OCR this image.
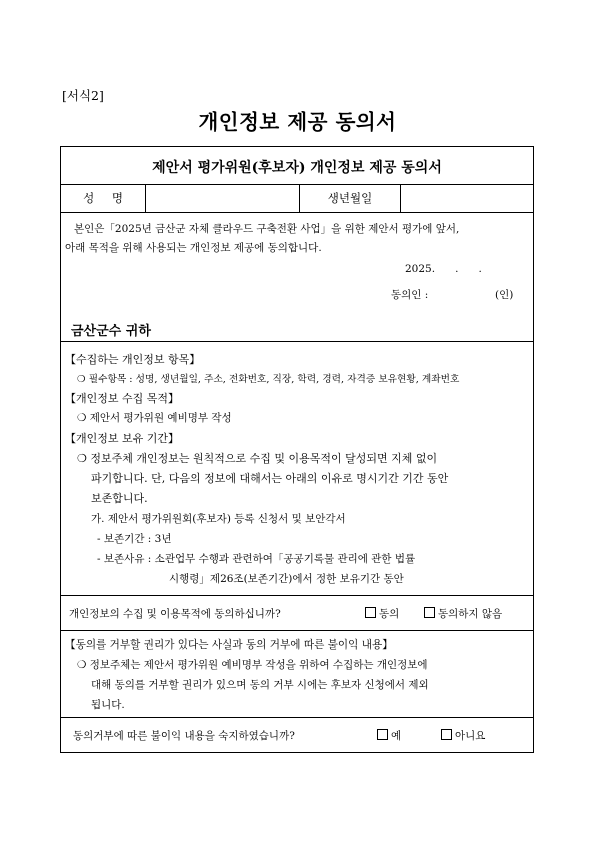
[서식2]
개인정보 제공 동의서
제안서 평가위원(후보자) 개인정보 제공 동의서
성 명	생년월일
본인은「2025년 금산군 자체 클라우드 구축전환 사업」을 위한 제안서 평가에 앞서,
아래 목적을 위해 사용되는 개인정보 제공에 동의합니다.
2025.      .      .
동의인 :	(인)
금산군수 귀하
【수집하는 개인정보 항목】
❍ 필수항목 : 성명, 생년월일, 주소, 전화번호, 직장, 학력, 경력, 자격증 보유현황, 계좌번호
【개인정보 수집 목적】
❍ 제안서 평가위원 예비명부 작성
【개인정보 보유 기간】
❍ 정보주체 개인정보는 원칙적으로 수집 및 이용목적이 달성되면 지체 없이
파기합니다. 단, 다음의 정보에 대해서는 아래의 이유로 명시기간 기간 동안
보존합니다.
가. 제안서 평가위원회(후보자) 등록 신청서 및 보안각서
- 보존기간 : 3년
- 보존사유 : 소관업무 수행과 관련하여「공공기록물 관리에 관한 법률
시행령」제26조(보존기간)에서 정한 보유기간 동안
개인정보의 수집 및 이용목적에 동의하십니까?	동의	동의하지 않음
【동의를 거부할 권리가 있다는 사실과 동의 거부에 따른 불이익 내용】
❍ 정보주체는 제안서 평가위원 예비명부 작성을 위하여 수집하는 개인정보에
대해 동의를 거부할 권리가 있으며 동의 거부 시에는 후보자 신청에서 제외
됩니다.
동의거부에 따른 불이익 내용을 숙지하였습니까?	예	아니요
